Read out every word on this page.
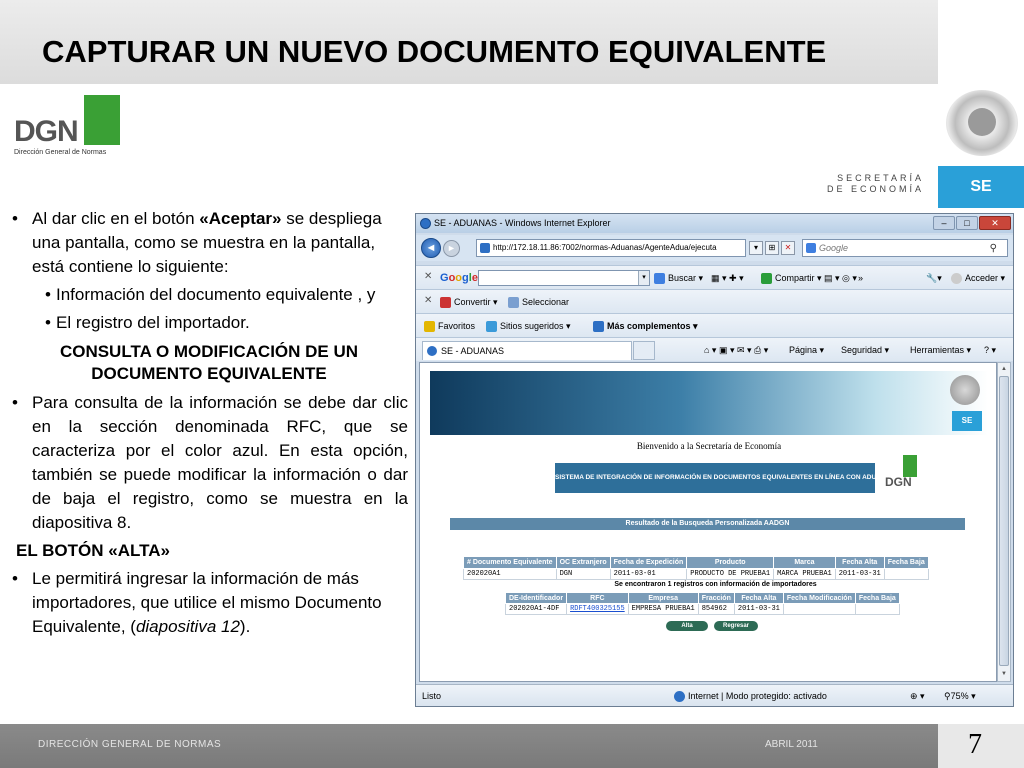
CAPTURAR UN NUEVO DOCUMENTO EQUIVALENTE
DGN
Dirección General de Normas
SECRETARÍA
DE ECONOMÍA	SE
• Al dar clic en el botón «Aceptar» se despliega una pantalla, como se muestra en la pantalla, está contiene lo siguiente:
• Información del documento equivalente , y
• El registro del importador.
CONSULTA O MODIFICACIÓN DE UN DOCUMENTO EQUIVALENTE
• Para consulta de la información se debe dar clic en la sección denominada RFC, que se caracteriza por el color azul. En esta opción, también se puede modificar la información o dar de baja el registro, como se muestra en la diapositiva 8.
EL BOTÓN «ALTA»
• Le permitirá ingresar la información de más importadores, que utilice el mismo Documento Equivalente, (diapositiva 12).
SE - ADUANAS - Windows Internet Explorer	–	□	✕
◄	►	http://172.18.11.86:7002/normas-Aduanas/AgenteAdua/ejecuta	▾	⊞	✕	Google	⚲
✕ Google	▾	Buscar ▾ ▦ ▾ ✚ ▾	Compartir ▾ ▤ ▾ ◎ ▾ »	🔧▾	Acceder ▾
✕	Convertir ▾	Seleccionar
Favoritos	Sitios sugeridos ▾	Más complementos ▾
SE - ADUANAS	⌂ ▾ ▣ ▾ ✉ ▾ ⎙ ▾ Página ▾ Seguridad ▾ Herramientas ▾ ? ▾
SE
Bienvenido a la Secretaría de Economía
SISTEMA DE INTEGRACIÓN DE INFORMACIÓN EN DOCUMENTOS EQUIVALENTES EN LÍNEA CON ADUANAS
DGN
Resultado de la Busqueda Personalizada AADGN
# Documento Equivalente	OC Extranjero	Fecha de Expedición	Producto	Marca	Fecha Alta	Fecha Baja
202020A1	DGN	2011-03-01	PRODUCTO DE PRUEBA1	MARCA PRUEBA1	2011-03-31	
Se encontraron 1 registros con información de importadores
DE-Identificador	RFC	Empresa	Fracción	Fecha Alta	Fecha Modificación	Fecha Baja
202020A1-4DF	RDFT400325155	EMPRESA PRUEBA1	854962	2011-03-31		
Alta	Regresar
▲
▼
Listo	Internet | Modo protegido: activado	⊕ ▾ ⚲75% ▾
DIRECCIÓN GENERAL DE NORMAS	ABRIL 2011	7
